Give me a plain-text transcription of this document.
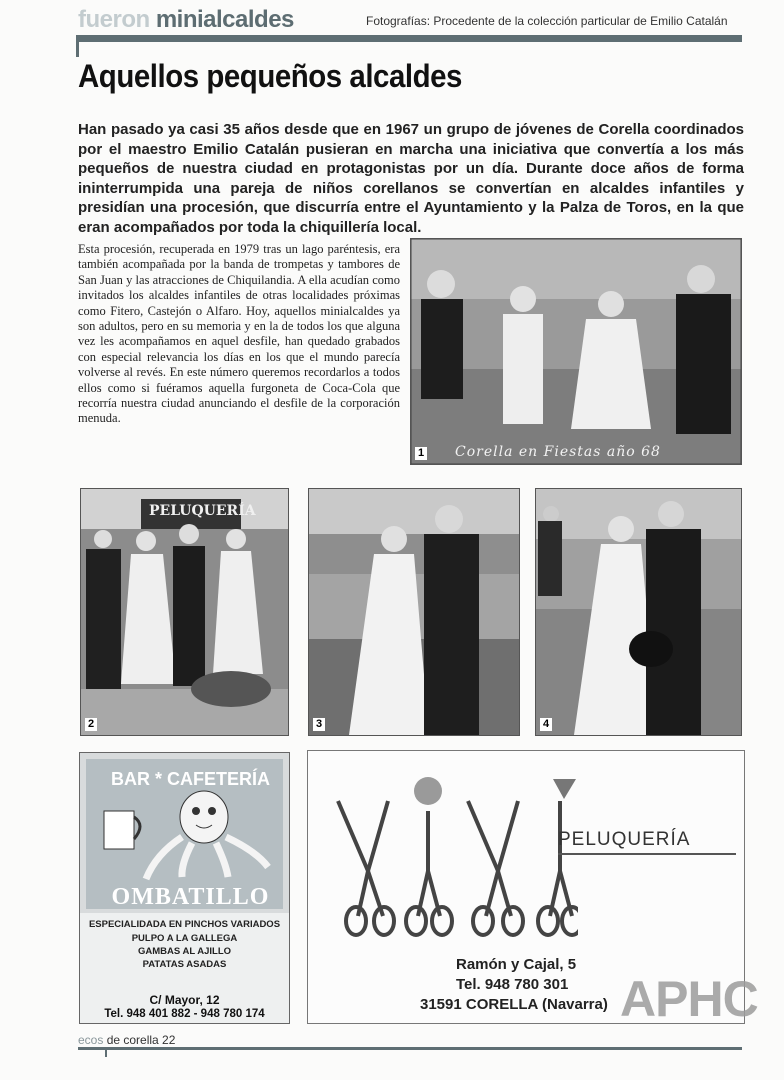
fueron minialcaldes	Fotografías: Procedente de la colección particular de Emilio Catalán
Aquellos pequeños alcaldes
Han pasado ya casi 35 años desde que en 1967 un grupo de jóvenes de Corella coordinados por el maestro Emilio Catalán pusieran en marcha una iniciativa que convertía a los más pequeños de nuestra ciudad en protagonistas por un día. Durante doce años de forma ininterrumpida una pareja de niños corellanos se convertían en alcaldes infantiles y presidían una procesión, que discurría entre el Ayuntamiento y la Palza de Toros, en la que eran acompañados por toda la chiquillería local.
Esta procesión, recuperada en 1979 tras un lago paréntesis, era también acompañada por la banda de trompetas y tambores de San Juan y las atracciones de Chiquilandia. A ella acudían como invitados los alcaldes infantiles de otras localidades próximas como Fitero, Castejón o Alfaro. Hoy, aquellos minialcaldes ya son adultos, pero en su memoria y en la de todos los que alguna vez les acompañamos en aquel desfile, han quedado grabados con especial relevancia los días en los que el mundo parecía volverse al revés. En este número queremos recordarlos a todos ellos como si fuéramos aquella furgoneta de Coca-Cola que recorría nuestra ciudad anunciando el desfile de la corporación menuda.
1 Corella en Fiestas año 68
PELUQUERÍA
2	3	4
BAR * CAFETERÍA
OMBATILLO
ESPECIALIDADA EN PINCHOS VARIADOS
PULPO A LA GALLEGA
GAMBAS AL AJILLO
PATATAS ASADAS
C/ Mayor, 12
Tel. 948 401 882 - 948 780 174
PELUQUERÍA
Ramón y Cajal, 5
Tel. 948 780 301
31591 CORELLA (Navarra) APHC
ecos de corella 22
